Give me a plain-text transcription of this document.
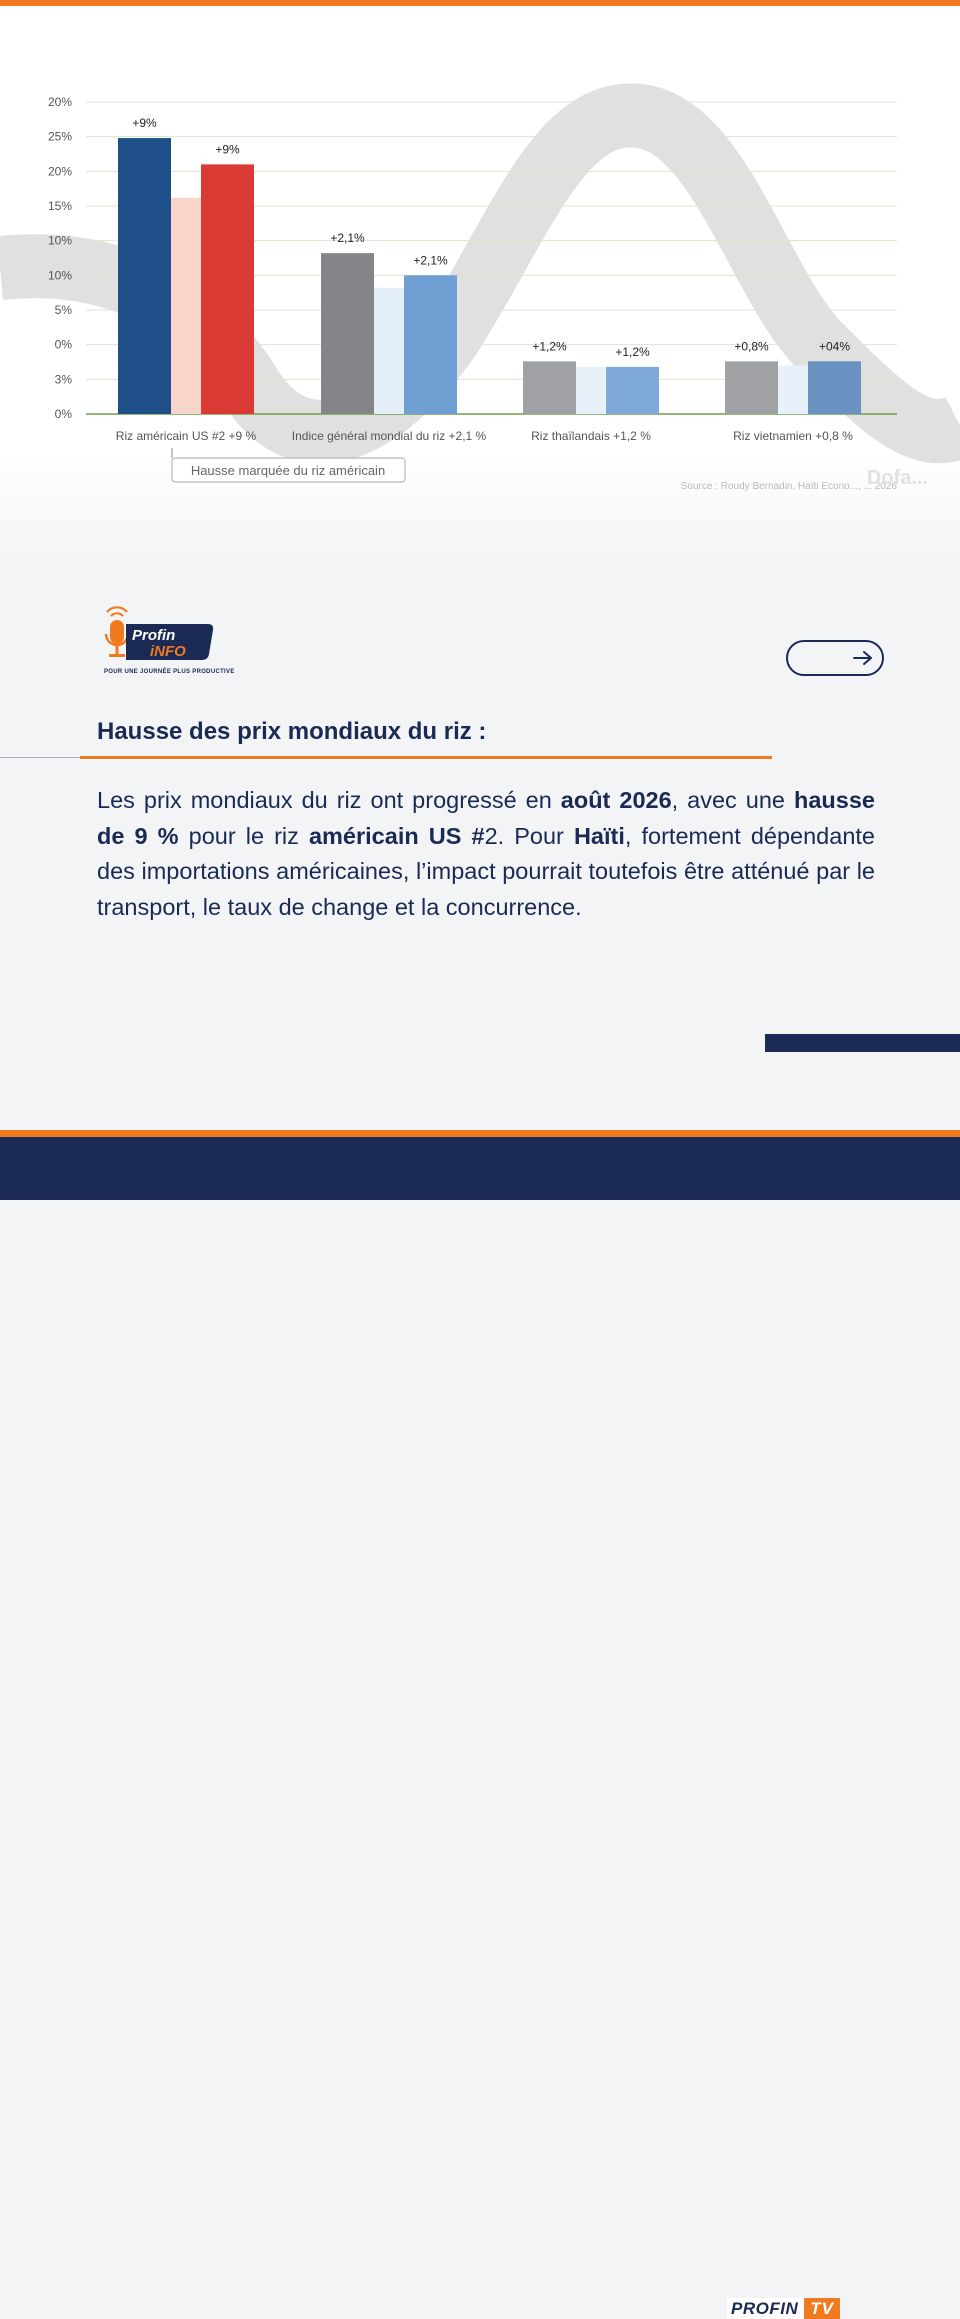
0%
3%
0%
5%
10%
10%
15%
20%
25%
20%
+9%
+9%
Riz américain US #2 +9 %
+2,1%
+2,1%
Indice général mondial du riz +2,1 %
+1,2%	+1,2%
Riz thaïlandais +1,2 %
+0,8%	+04%
Riz vietnamien +0,8 %
Hausse marquée du riz américain
Source : Roudy Bernadin, Haïti Econo..., ... 2026
Dofa...
Profin
iNFO
POUR UNE JOURNÉE PLUS PRODUCTIVE
Hausse des prix mondiaux du riz :

Les prix mondiaux du riz ont progressé en août 2026, avec une hausse de 9 % pour le riz américain US #2. Pour Haïti, fortement dépendante des importations américaines, l’impact pourrait toutefois être atténué par le transport, le taux de change et la concurrence.

PROFIN TV
